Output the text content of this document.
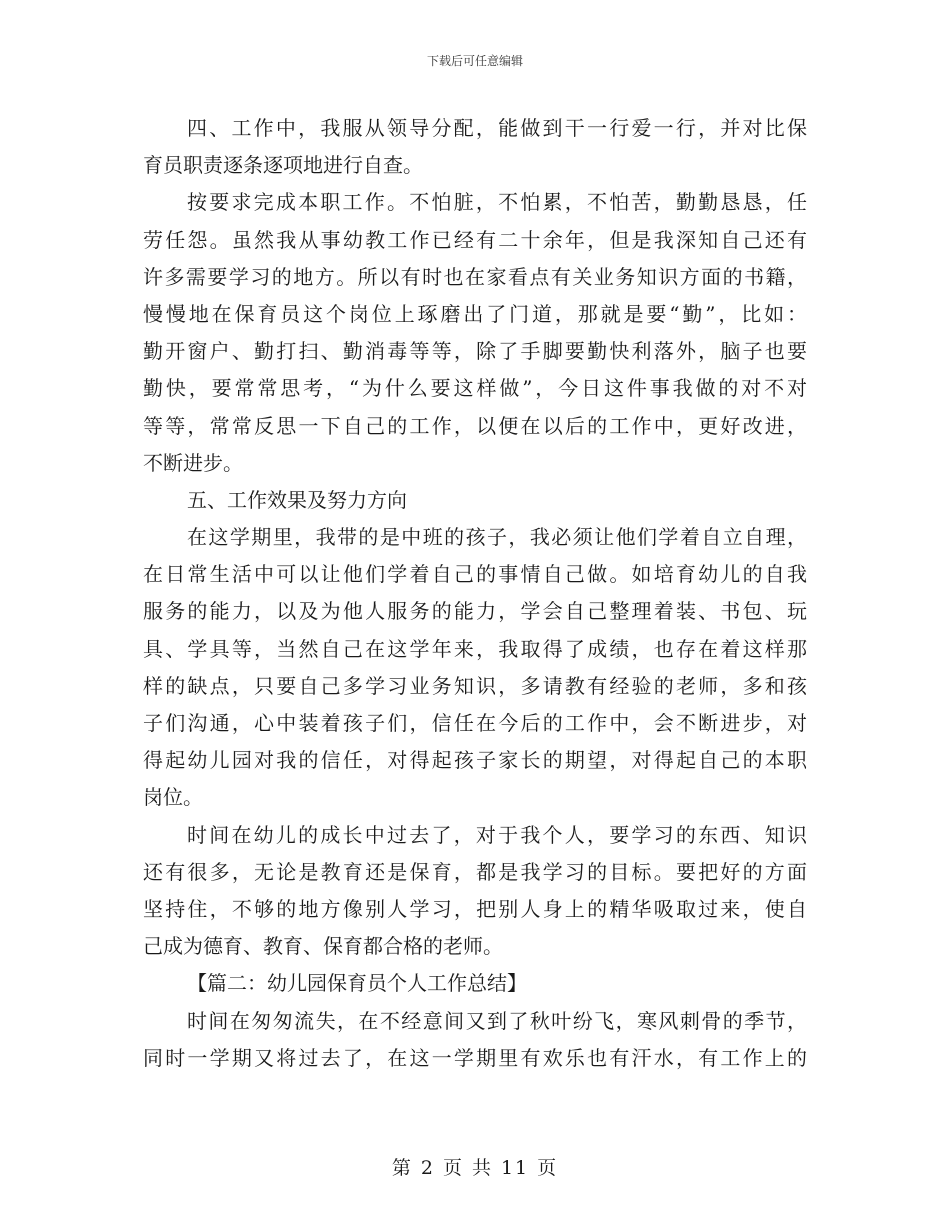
下载后可任意编辑
四、工作中，我服从领导分配，能做到干一行爱一行，并对比保
育员职责逐条逐项地进行自查。
按要求完成本职工作。不怕脏，不怕累，不怕苦，勤勤恳恳，任
劳任怨。虽然我从事幼教工作已经有二十余年，但是我深知自己还有
许多需要学习的地方。所以有时也在家看点有关业务知识方面的书籍，
慢慢地在保育员这个岗位上琢磨出了门道，那就是要“勤”，比如：
勤开窗户、勤打扫、勤消毒等等，除了手脚要勤快利落外，脑子也要
勤快，要常常思考，“为什么要这样做”，今日这件事我做的对不对
等等，常常反思一下自己的工作，以便在以后的工作中，更好改进，
不断进步。
五、工作效果及努力方向
在这学期里，我带的是中班的孩子，我必须让他们学着自立自理，
在日常生活中可以让他们学着自己的事情自己做。如培育幼儿的自我
服务的能力，以及为他人服务的能力，学会自己整理着装、书包、玩
具、学具等，当然自己在这学年来，我取得了成绩，也存在着这样那
样的缺点，只要自己多学习业务知识，多请教有经验的老师，多和孩
子们沟通，心中装着孩子们，信任在今后的工作中，会不断进步，对
得起幼儿园对我的信任，对得起孩子家长的期望，对得起自己的本职
岗位。
时间在幼儿的成长中过去了，对于我个人，要学习的东西、知识
还有很多，无论是教育还是保育，都是我学习的目标。要把好的方面
坚持住，不够的地方像别人学习，把别人身上的精华吸取过来，使自
己成为德育、教育、保育都合格的老师。
【篇二：幼儿园保育员个人工作总结】
时间在匆匆流失，在不经意间又到了秋叶纷飞，寒风刺骨的季节，
同时一学期又将过去了，在这一学期里有欢乐也有汗水，有工作上的
第 2 页 共 11 页
